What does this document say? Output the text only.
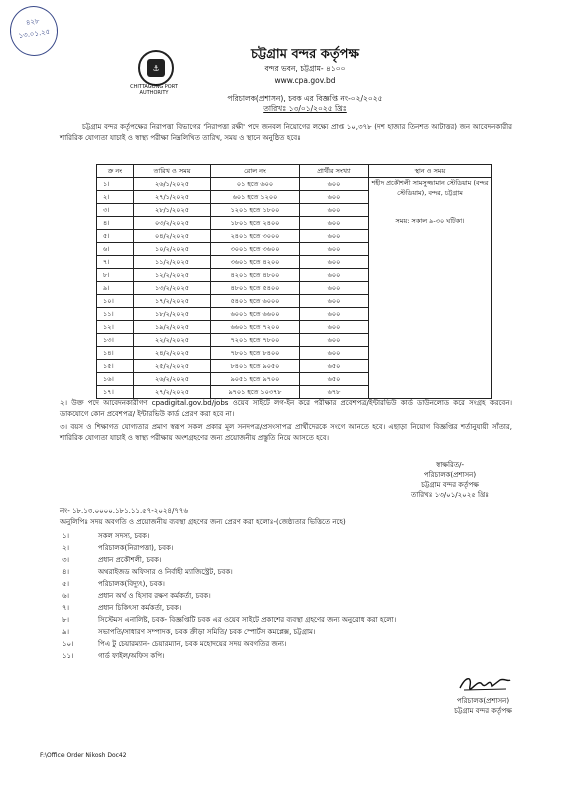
৪২৮
১৩.০১.২৫
⚓
CHITTAGONG PORT AUTHORITY
চট্টগ্রাম বন্দর কর্তৃপক্ষ
বন্দর ভবন, চট্টগ্রাম- ৪১০০
www.cpa.gov.bd
পরিচালক(প্রশাসন), চবক এর বিজ্ঞপ্তি নং-০২/২০২৫
তারিখঃ ১৩/০১/২০২৫ খ্রিঃ
চট্টগ্রাম বন্দর কর্তৃপক্ষের নিরাপত্তা বিভাগের 'নিরাপত্তা রক্ষী' পদে জনবল নিয়োগের লক্ষ্যে প্রাপ্ত ১০,৩৭৮ (দশ হাজার তিনশত আটাত্তর) জন আবেদনকারীর শারিরিক যোগ্যতা যাচাই ও স্বাস্থ্য পরীক্ষা নিম্নলিখিত তারিখ, সময় ও স্থানে অনুষ্ঠিত হবেঃ
ক্র নং	তারিখ ও সময়	রোল নং	প্রার্থীর সংখ্যা	স্থান ও সময়
১।	২৬/১/২০২৫	০১ হতে ৬০০	৬০০	শহীদ প্রকৌশলী সামসুজ্জামান স্টেডিয়াম (বন্দর স্টেডিয়াম), বন্দর, চট্টগ্রাম
সময়: সকাল ৯-৩০ ঘটিকা।

২।	২৭/১/২০২৫	৬০১ হতে ১২০০	৬০০	
৩।	২৮/১/২০২৫	১২০১ হতে ১৮০০	৬০০	
৪।	০৩/২/২০২৫	১৮০১ হতে ২৪০০	৬০০	
৫।	০৪/২/২০২৫	২৪০১ হতে ৩০০০	৬০০	
৬।	১০/২/২০২৫	৩০০১ হতে ৩৬০০	৬০০	
৭।	১১/২/২০২৫	৩৬০১ হতে ৪২০০	৬০০	
৮।	১২/২/২০২৫	৪২০১ হতে ৪৮০০	৬০০	
৯।	১৩/২/২০২৫	৪৮০১ হতে ৫৪০০	৬০০	
১০।	১৭/২/২০২৫	৫৪০১ হতে ৬০০০	৬০০	
১১।	১৮/২/২০২৫	৬০০১ হতে ৬৬০০	৬০০	
১২।	১৯/২/২০২৫	৬৬০১ হতে ৭২০০	৬০০	
১৩।	২২/২/২০২৫	৭২০১ হতে ৭৮০০	৬০০	
১৪।	২৪/২/২০২৫	৭৮০১ হতে ৮৪০০	৬০০	
১৫।	২৫/২/২০২৫	৮৪০১ হতে ৯০৫০	৬৫০	
১৬।	২৬/২/২০২৫	৯০৫১ হতে ৯৭০০	৬৫০	
১৭।	২৭/২/২০২৫	৯৭০১ হতে ১০৩৭৮	৬৭৮	
২। উক্ত পদে আবেদনকারীগণ cpadigital.gov.bd/jobs ওয়েব সাইটে লগ-ইন করে পরীক্ষার প্রবেশপত্র/ইন্টারভিউ কার্ড ডাউনলোড করে সংগ্রহ করবেন। ডাকযোগে কোন প্রবেশপত্র/ ইন্টারভিউ কার্ড প্রেরণ করা হবে না।
৩। বয়স ও শিক্ষাগত যোগ্যতার প্রমাণ স্বরূপ সকল প্রকার মূল সনদপত্র/প্রসংসাপত্র প্রার্থীদেরকে সংগে আনতে হবে। এছাড়া নিয়োগ বিজ্ঞপ্তির শর্তানুযায়ী সাঁতার, শারিরিক যোগ্যতা যাচাই ও স্বাস্থ্য পরীক্ষায় অংশগ্রহণের জন্য প্রয়োজনীয় প্রস্তুতি নিয়ে আসতে হবে।
স্বাক্ষরিত/-
পরিচালক(প্রশাসন)
চট্টগ্রাম বন্দর কর্তৃপক্ষ
তারিখঃ ১৩/০১/২০২৫ খ্রিঃ
নং- ১৮.১৩.০০০০.১৮১.১১.৫৭-২০২৪/৭৭৬
অনুলিপিঃ সদয় অবগতি ও প্রয়োজনীয় ব্যবস্থা গ্রহণের জন্য প্রেরণ করা হলোঃ-(জেষ্ঠ্যতার ভিত্তিতে নহে)
১।	সকল সদস্য, চবক।
২।	পরিচালক(নিরাপত্তা), চবক।
৩।	প্রধান প্রকৌশলী, চবক।
৪।	অথরাইজড অফিসার ও নির্বাহী ম্যাজিস্ট্রেট, চবক।
৫।	পরিচালক(বিদ্যুৎ), চবক।
৬।	প্রধান অর্থ ও হিসাব রক্ষণ কর্মকর্তা, চবক।
৭।	প্রধান চিকিৎসা কর্মকর্তা, চবক।
৮।	সিস্টেমস এনালিষ্ট, চবক- বিজ্ঞপ্তিটি চবক এর ওয়েব সাইটে প্রকাশের ব্যবস্থা গ্রহণের জন্য অনুরোধ করা হলো।
৯।	সভাপতি/সাধারণ সম্পাদক, চবক ক্রীড়া সমিতি/ চবক স্পোর্টস কমপ্লেক্স, চট্টগ্রাম।
১০।	পিএ টু চেয়ারম্যান- চেয়ারম্যান, চবক মহোদয়ের সদয় অবগতির জন্য।
১১।	গার্ড ফাইল/অফিস কপি।
পরিচালক(প্রশাসন)
চট্টগ্রাম বন্দর কর্তৃপক্ষ
F:\Office Order Nikosh Doc42
